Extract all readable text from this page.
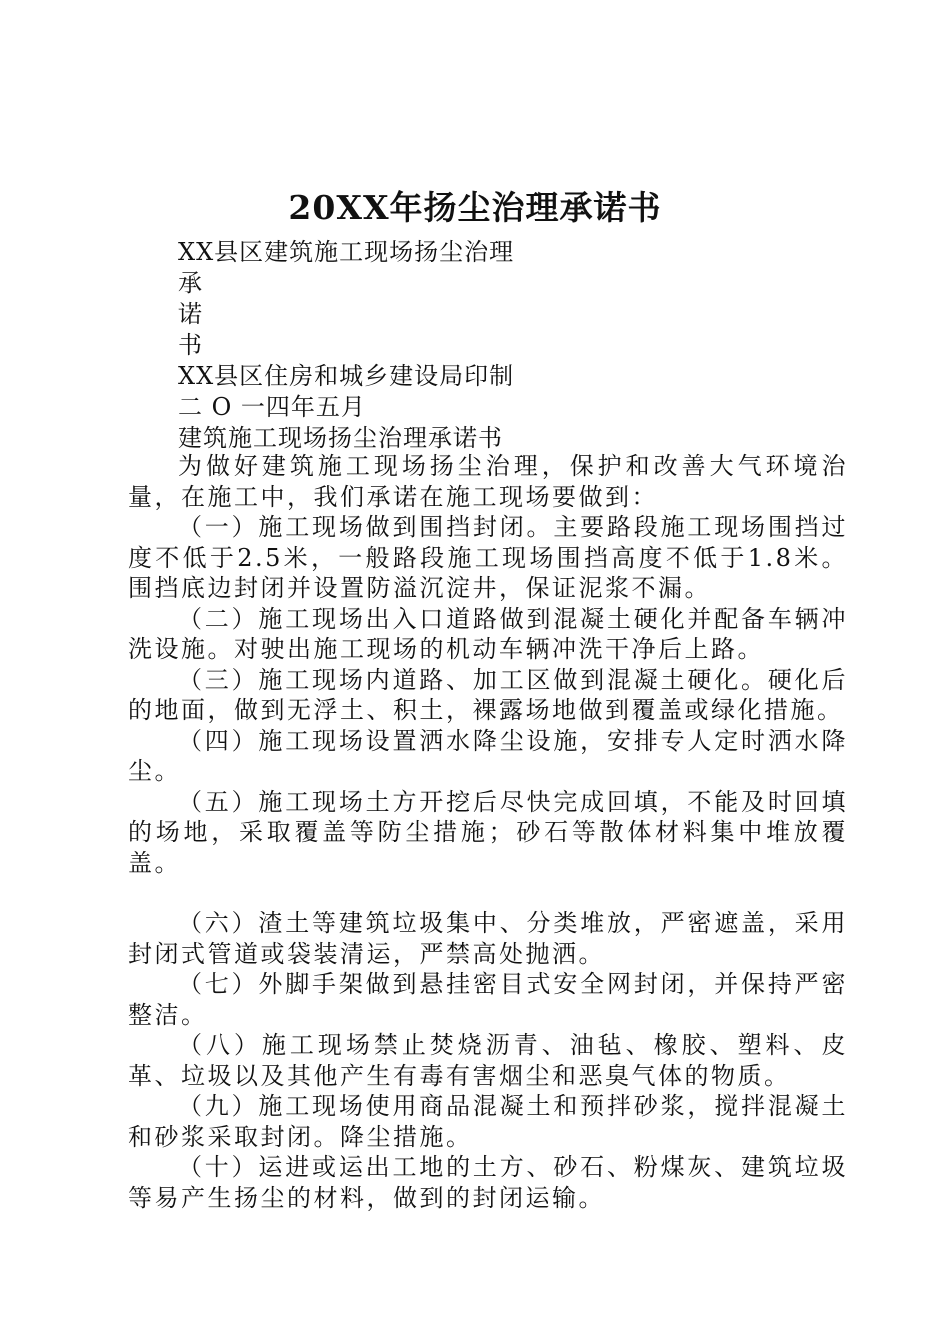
20XX年扬尘治理承诺书
XX县区建筑施工现场扬尘治理
承
诺
书
XX县区住房和城乡建设局印制
二 O 一四年五月
建筑施工现场扬尘治理承诺书

为做好建筑施工现场扬尘治理，保护和改善大气环境治量，在施工中，我们承诺在施工现场要做到：

（一）施工现场做到围挡封闭。主要路段施工现场围挡过度不低于2.5米，一般路段施工现场围挡高度不低于1.8米。围挡底边封闭并设置防溢沉淀井，保证泥浆不漏。

（二）施工现场出入口道路做到混凝土硬化并配备车辆冲洗设施。对驶出施工现场的机动车辆冲洗干净后上路。

（三）施工现场内道路、加工区做到混凝土硬化。硬化后的地面，做到无浮土、积土，裸露场地做到覆盖或绿化措施。

（四）施工现场设置洒水降尘设施，安排专人定时洒水降尘。

（五）施工现场土方开挖后尽快完成回填，不能及时回填的场地，采取覆盖等防尘措施；砂石等散体材料集中堆放覆盖。

（六）渣土等建筑垃圾集中、分类堆放，严密遮盖，采用封闭式管道或袋装清运，严禁高处抛洒。

（七）外脚手架做到悬挂密目式安全网封闭，并保持严密整洁。

（八）施工现场禁止焚烧沥青、油毡、橡胶、塑料、皮革、垃圾以及其他产生有毒有害烟尘和恶臭气体的物质。

（九）施工现场使用商品混凝土和预拌砂浆，搅拌混凝土和砂浆采取封闭。降尘措施。

（十）运进或运出工地的土方、砂石、粉煤灰、建筑垃圾等易产生扬尘的材料，做到的封闭运输。
